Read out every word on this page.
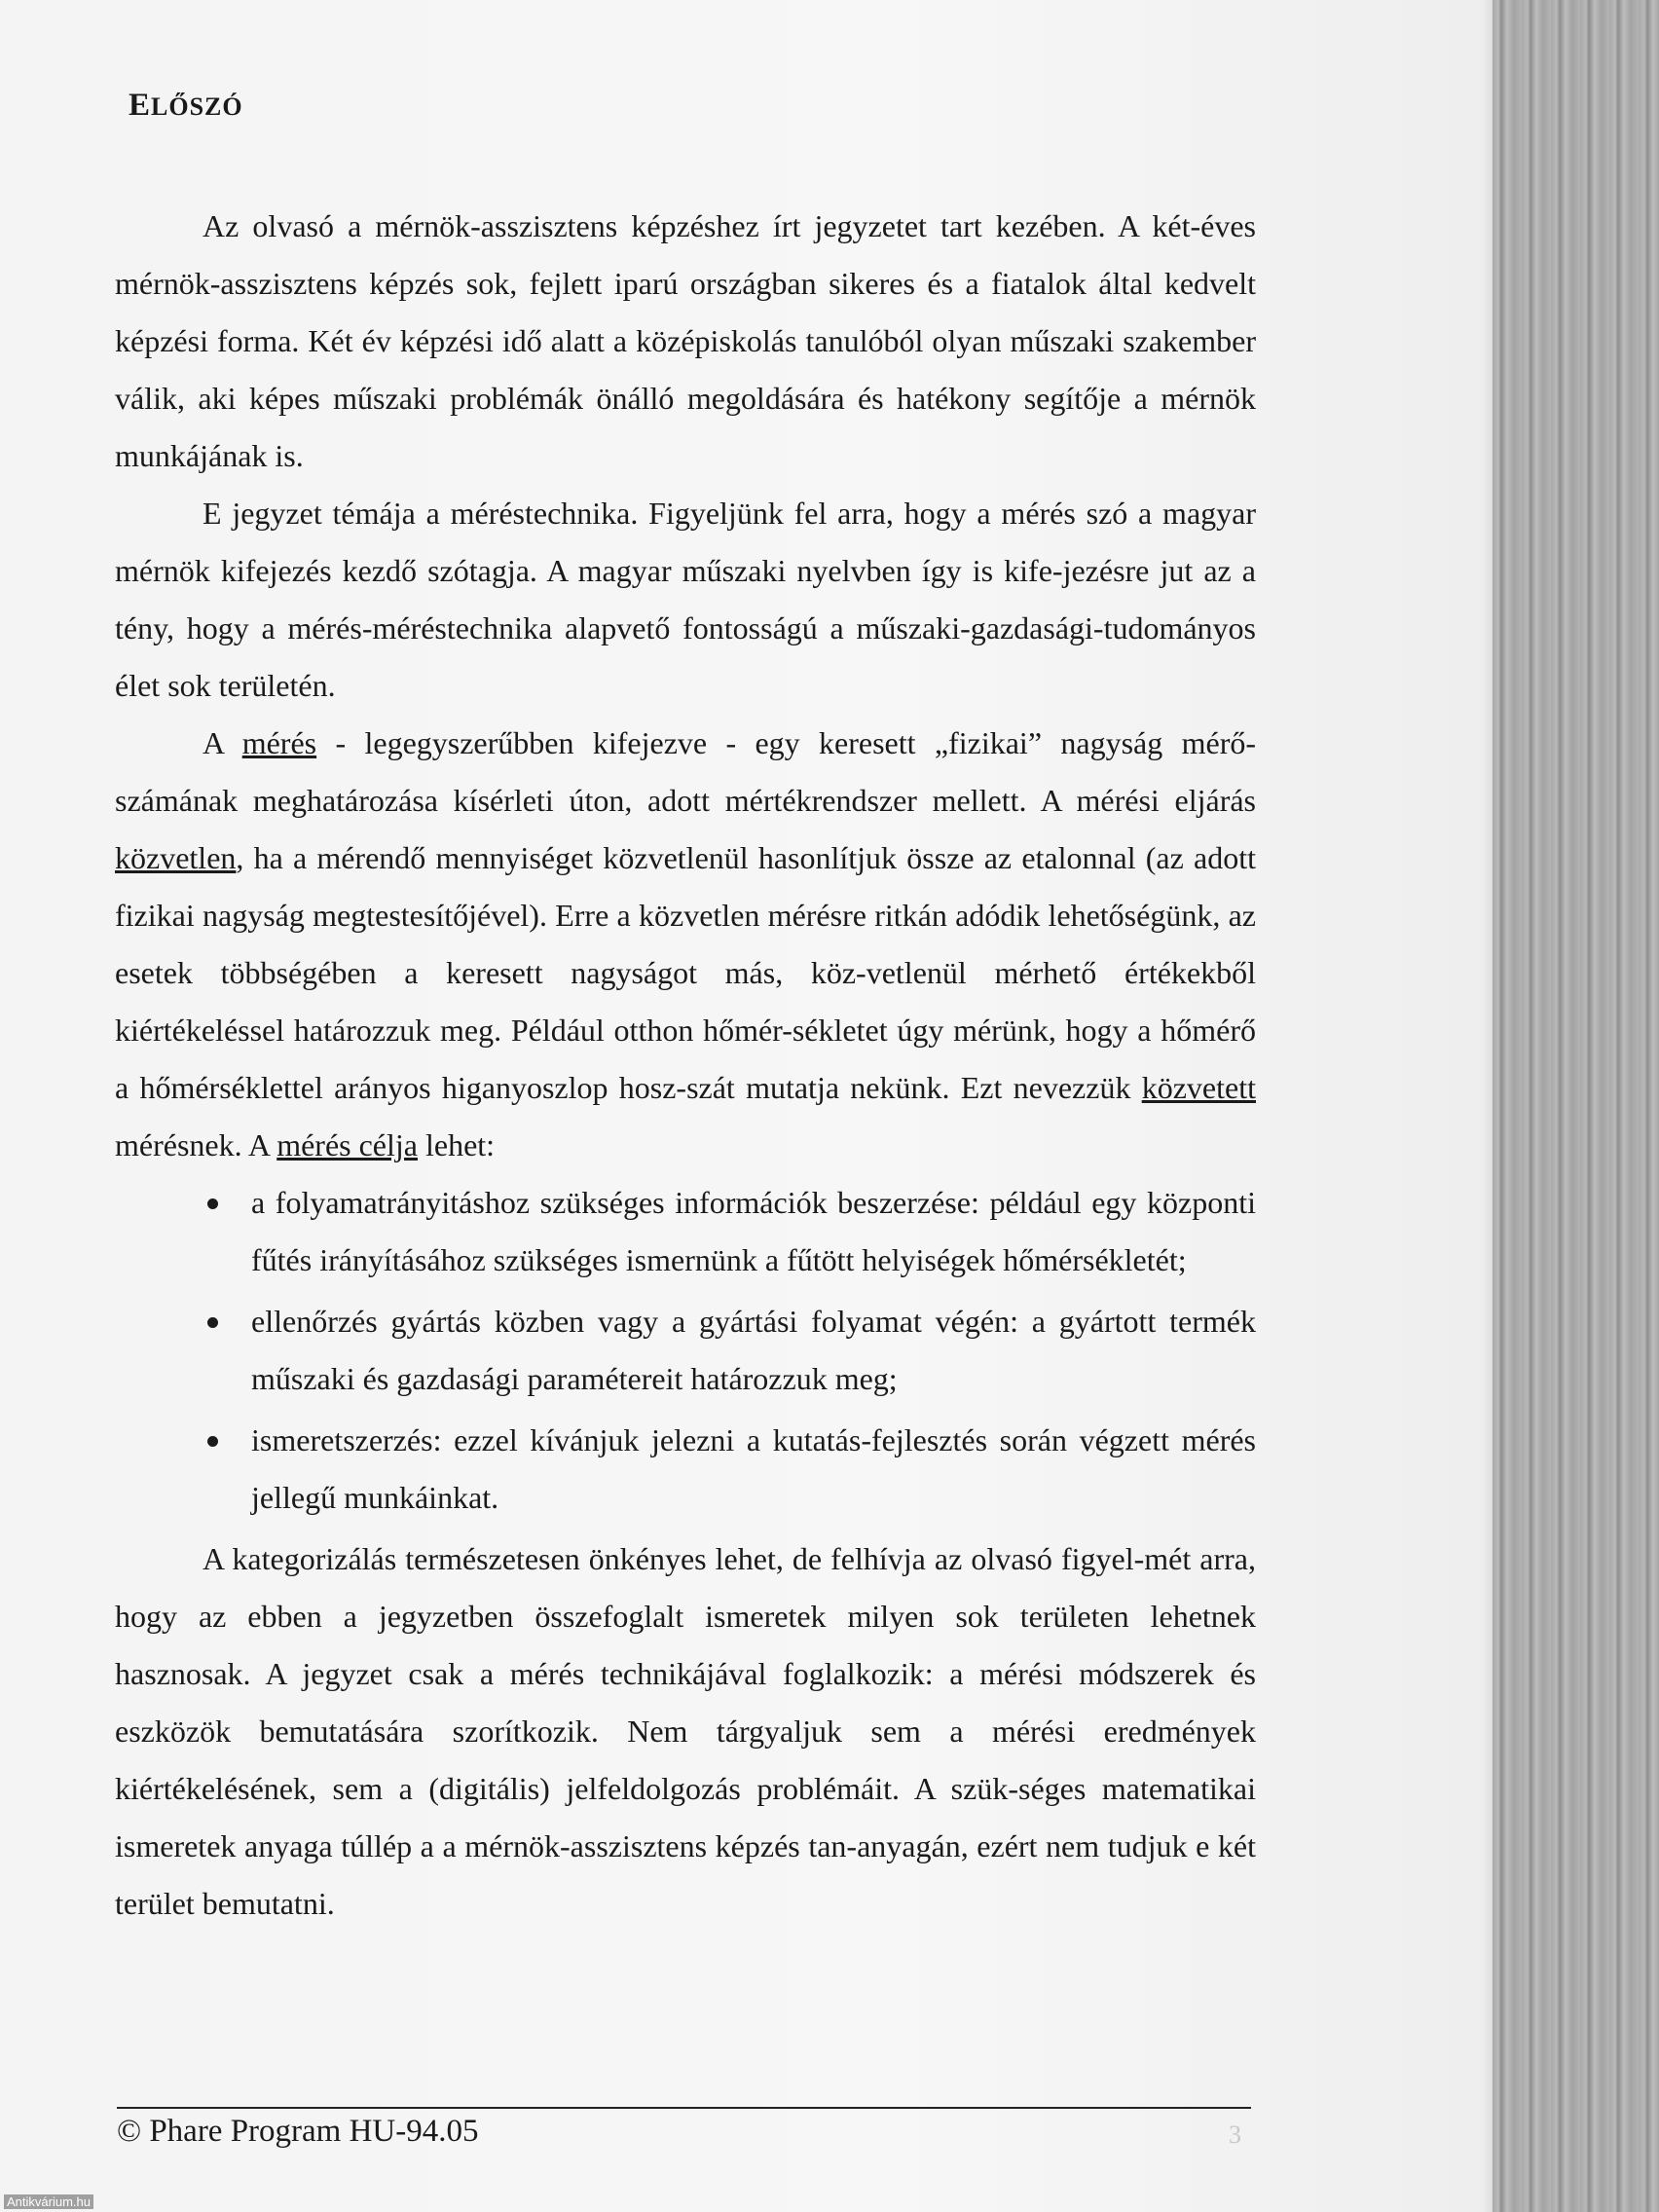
ELŐSZÓ

Az olvasó a mérnök-asszisztens képzéshez írt jegyzetet tart kezében. A két-éves mérnök-asszisztens képzés sok, fejlett iparú országban sikeres és a fiatalok által kedvelt képzési forma. Két év képzési idő alatt a középiskolás tanulóból olyan műszaki szakember válik, aki képes műszaki problémák önálló megoldására és hatékony segítője a mérnök munkájának is.

E jegyzet témája a méréstechnika. Figyeljünk fel arra, hogy a mérés szó a magyar mérnök kifejezés kezdő szótagja. A magyar műszaki nyelvben így is kife-jezésre jut az a tény, hogy a mérés-méréstechnika alapvető fontosságú a műszaki-gazdasági-tudományos élet sok területén.

A mérés - legegyszerűbben kifejezve - egy keresett „fizikai” nagyság mérő-számának meghatározása kísérleti úton, adott mértékrendszer mellett. A mérési eljárás közvetlen, ha a mérendő mennyiséget közvetlenül hasonlítjuk össze az etalonnal (az adott fizikai nagyság megtestesítőjével). Erre a közvetlen mérésre ritkán adódik lehetőségünk, az esetek többségében a keresett nagyságot más, köz-vetlenül mérhető értékekből kiértékeléssel határozzuk meg. Például otthon hőmér-sékletet úgy mérünk, hogy a hőmérő a hőmérséklettel arányos higanyoszlop hosz-szát mutatja nekünk. Ezt nevezzük közvetett mérésnek. A mérés célja lehet:

a folyamatrányitáshoz szükséges információk beszerzése: például egy központi fűtés irányításához szükséges ismernünk a fűtött helyiségek hőmérsékletét;
ellenőrzés gyártás közben vagy a gyártási folyamat végén: a gyártott termék műszaki és gazdasági paramétereit határozzuk meg;
ismeretszerzés: ezzel kívánjuk jelezni a kutatás-fejlesztés során végzett mérés jellegű munkáinkat.

A kategorizálás természetesen önkényes lehet, de felhívja az olvasó figyel-mét arra, hogy az ebben a jegyzetben összefoglalt ismeretek milyen sok területen lehetnek hasznosak. A jegyzet csak a mérés technikájával foglalkozik: a mérési módszerek és eszközök bemutatására szorítkozik. Nem tárgyaljuk sem a mérési eredmények kiértékelésének, sem a (digitális) jelfeldolgozás problémáit. A szük-séges matematikai ismeretek anyaga túllép a a mérnök-asszisztens képzés tan-anyagán, ezért nem tudjuk e két terület bemutatni.

© Phare Program HU-94.05	3
Antikvárium.hu
